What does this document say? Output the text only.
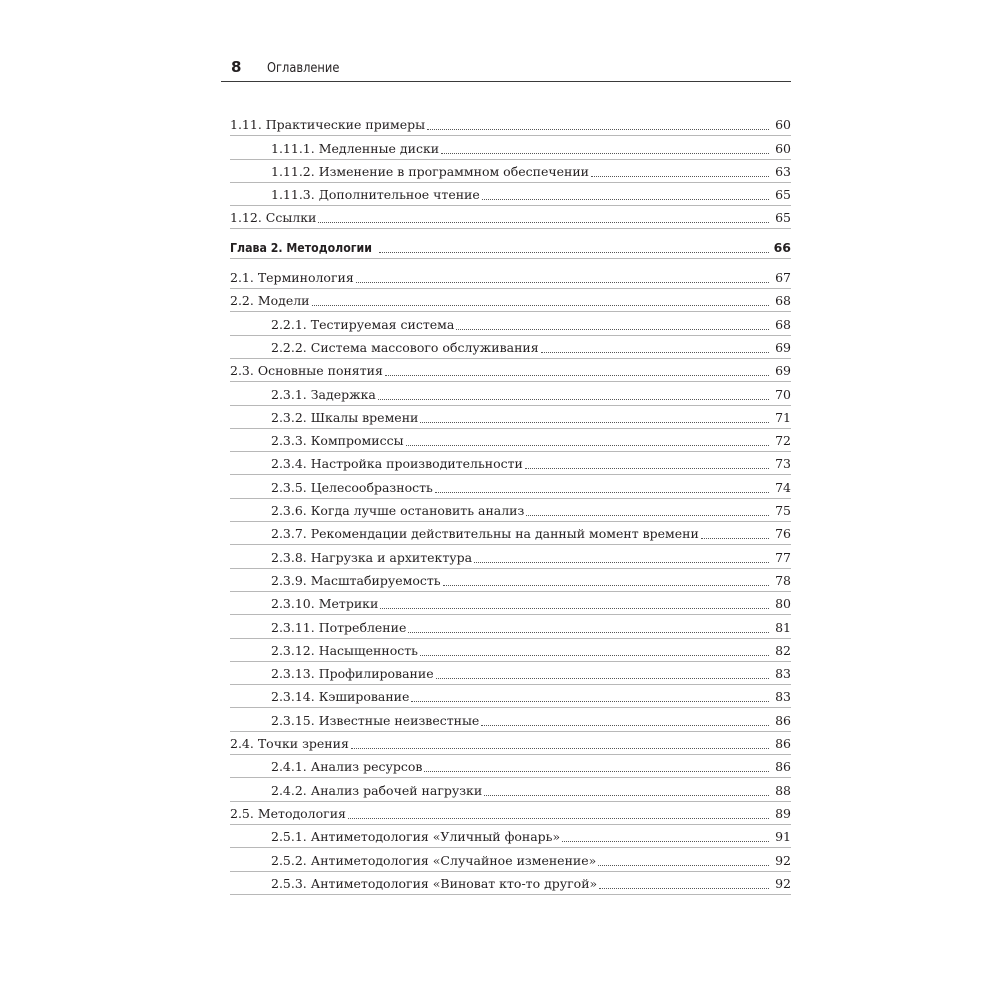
8 Оглавление
1.11. Практические примеры	60
1.11.1. Медленные диски	60
1.11.2. Изменение в программном обеспечении	63
1.11.3. Дополнительное чтение	65
1.12. Ссылки	65
Глава 2. Методологии	66
2.1. Терминология	67
2.2. Модели	68
2.2.1. Тестируемая система	68
2.2.2. Система массового обслуживания	69
2.3. Основные понятия	69
2.3.1. Задержка	70
2.3.2. Шкалы времени	71
2.3.3. Компромиссы	72
2.3.4. Настройка производительности	73
2.3.5. Целесообразность	74
2.3.6. Когда лучше остановить анализ	75
2.3.7. Рекомендации действительны на данный момент времени	76
2.3.8. Нагрузка и архитектура	77
2.3.9. Масштабируемость	78
2.3.10. Метрики	80
2.3.11. Потребление	81
2.3.12. Насыщенность	82
2.3.13. Профилирование	83
2.3.14. Кэширование	83
2.3.15. Известные неизвестные	86
2.4. Точки зрения	86
2.4.1. Анализ ресурсов	86
2.4.2. Анализ рабочей нагрузки	88
2.5. Методология	89
2.5.1. Антиметодология «Уличный фонарь»	91
2.5.2. Антиметодология «Случайное изменение»	92
2.5.3. Антиметодология «Виноват кто-то другой»	92
